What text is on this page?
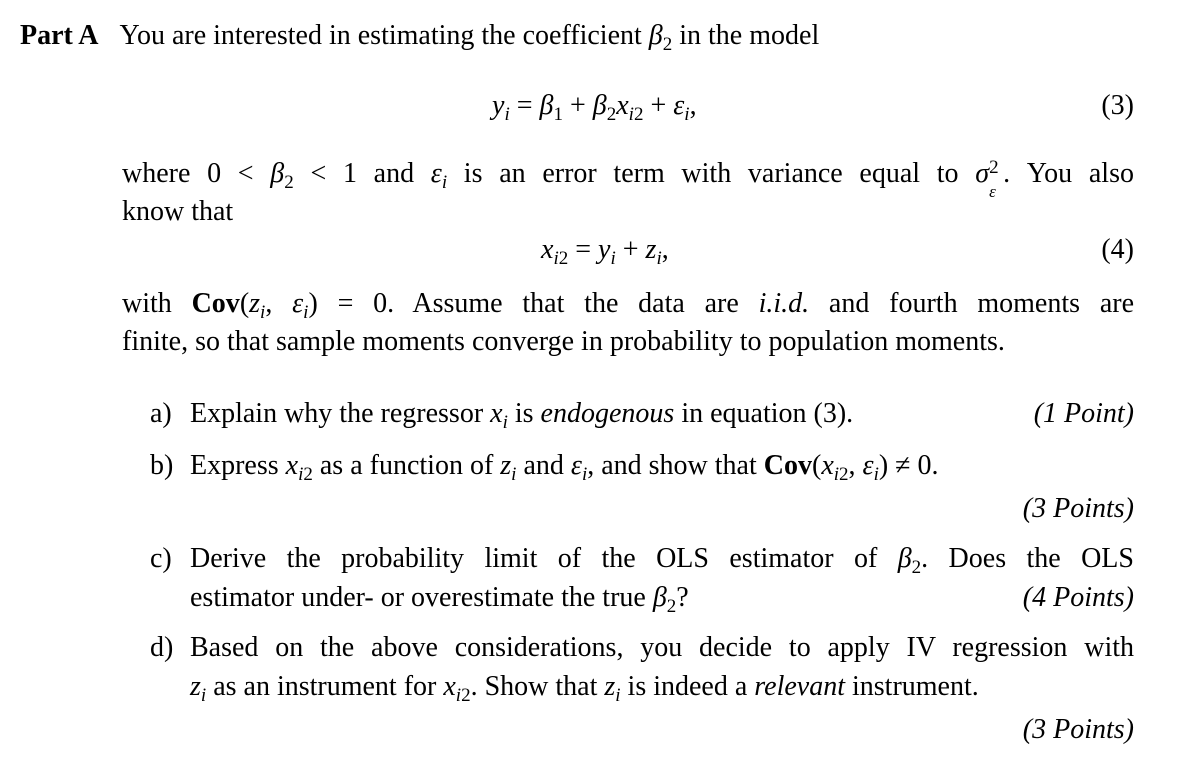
Part A   You are interested in estimating the coefficient $\beta_2$ in the model
$y_i = \beta_1 + \beta_2x_{i2} + \varepsilon_i$,	(3)
where $0 < \beta_2 < 1$ and $\varepsilon_i$ is an error term with variance equal to σ 2
ε
. You also
know that
$x_{i2} = y_i + z_i$,	(4)
with $Cov(z_i$, $\varepsilon_i) = 0$. Assume that the data are i.i.d. and fourth moments are
finite, so that sample moments converge in probability to population moments.
a) Explain why the regressor $x_i$ is endogenous in equation (3).	(1 Point)
b) Express $x_{i2}$ as a function of $z_i$ and $\varepsilon_i$, and show that $Cov(x_{i2}$, $\varepsilon_i) \ne 0$.
(3 Points)
c) Derive the probability limit of the OLS estimator of $\beta_2$. Does the OLS
estimator under- or overestimate the true $\beta_2$?	(4 Points)
d) Based on the above considerations, you decide to apply IV regression with
$z_i$ as an instrument for $x_{i2}$. Show that $z_i$ is indeed a relevant instrument.
(3 Points)
